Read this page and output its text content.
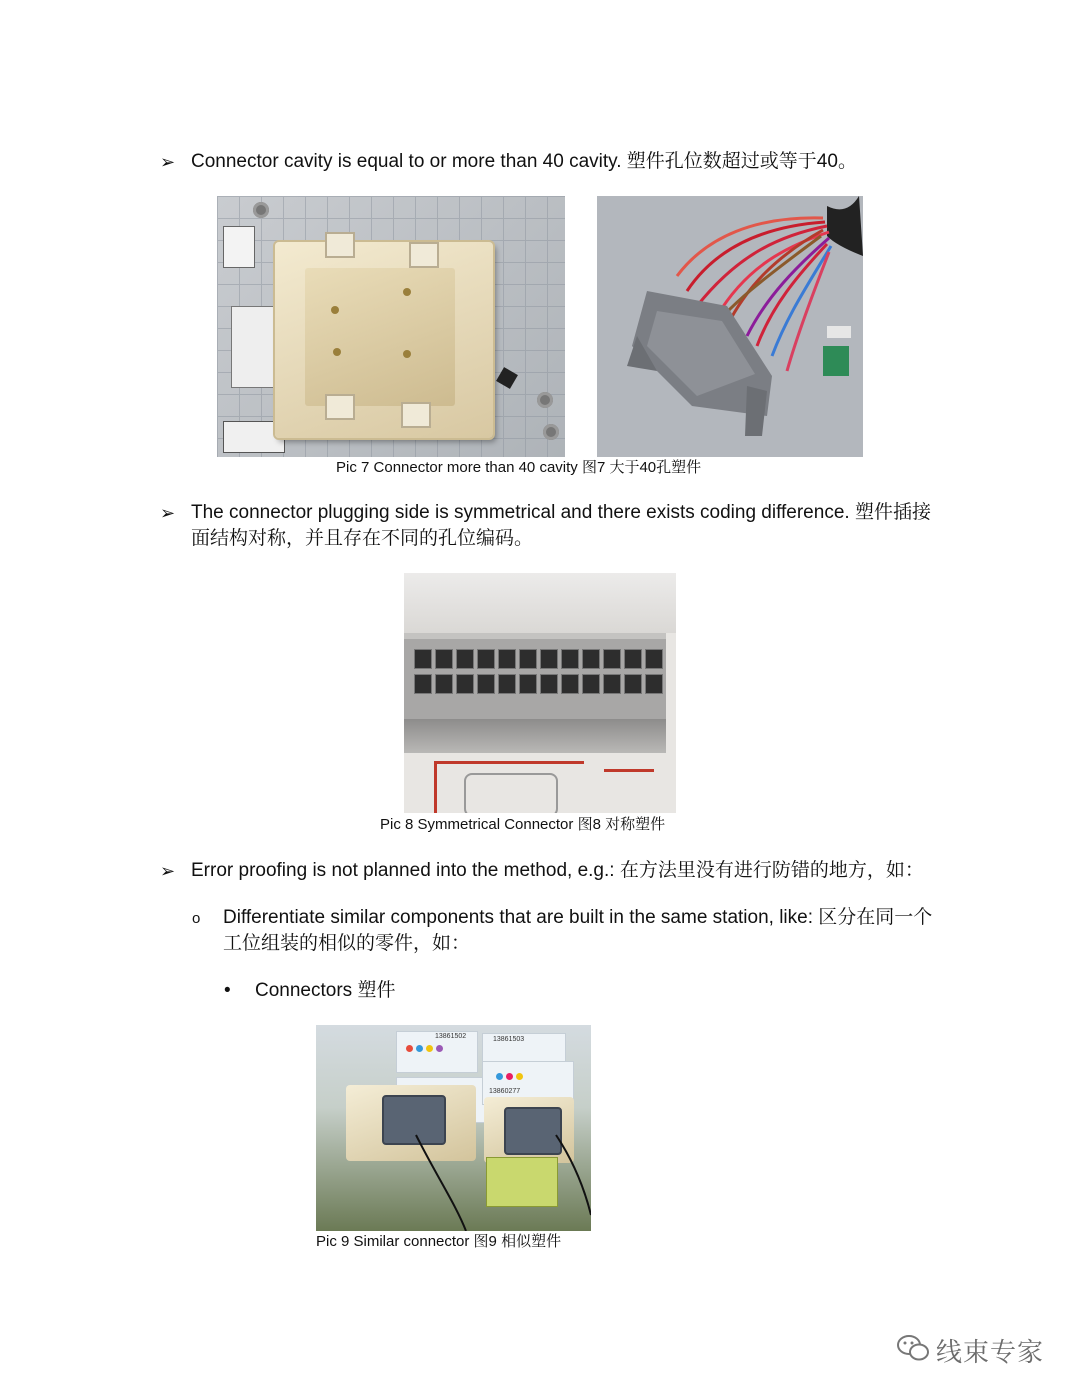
➢ Connector cavity is equal to or more than 40 cavity. 塑件孔位数超过或等于40。
Pic 7 Connector more than 40 cavity 图7 大于40孔塑件
➢ The connector plugging side is symmetrical and there exists coding difference. 塑件插接
面结构对称，并且存在不同的孔位编码。
Pic 8 Symmetrical Connector 图8 对称塑件
➢ Error proofing is not planned into the method, e.g.: 在方法里没有进行防错的地方，如：
o Differentiate similar components that are built in the same station, like: 区分在同一个
工位组装的相似的零件，如：
• Connectors 塑件
13861502	13861503
13860277
Pic 9 Similar connector 图9 相似塑件
线束专家
